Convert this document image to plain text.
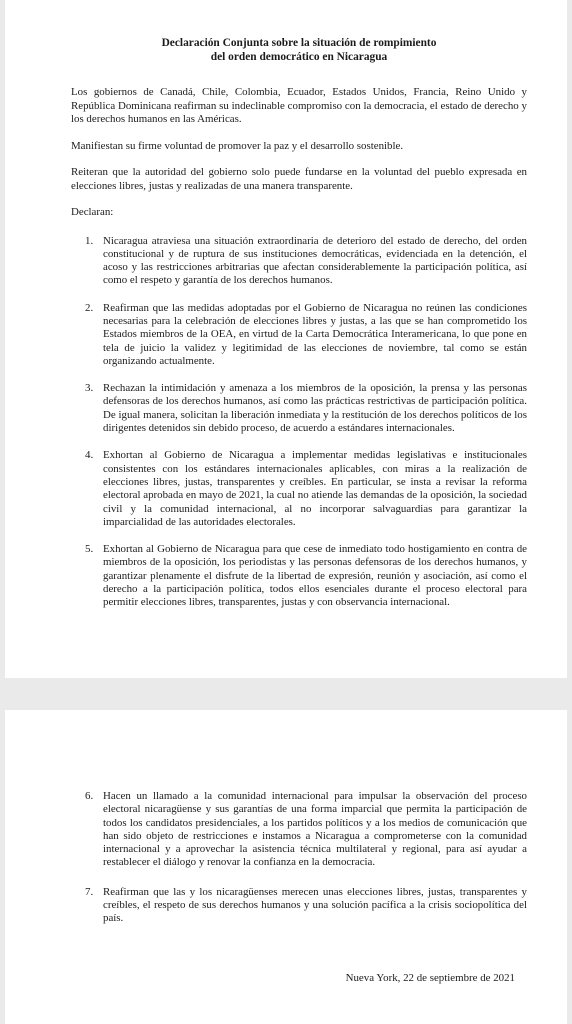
Declaración Conjunta sobre la situación de rompimiento
del orden democrático en Nicaragua

Los gobiernos de Canadá, Chile, Colombia, Ecuador, Estados Unidos, Francia, Reino Unido y República Dominicana reafirman su indeclinable compromiso con la democracia, el estado de derecho y los derechos humanos en las Américas.

Manifiestan su firme voluntad de promover la paz y el desarrollo sostenible.

Reiteran que la autoridad del gobierno solo puede fundarse en la voluntad del pueblo expresada en elecciones libres, justas y realizadas de una manera transparente.

Declaran:

1. Nicaragua atraviesa una situación extraordinaria de deterioro del estado de derecho, del orden constitucional y de ruptura de sus instituciones democráticas, evidenciada en la detención, el acoso y las restricciones arbitrarias que afectan considerablemente la participación política, así como el respeto y garantía de los derechos humanos.
2. Reafirman que las medidas adoptadas por el Gobierno de Nicaragua no reúnen las condiciones necesarias para la celebración de elecciones libres y justas, a las que se han comprometido los Estados miembros de la OEA, en virtud de la Carta Democrática Interamericana, lo que pone en tela de juicio la validez y legitimidad de las elecciones de noviembre, tal como se están organizando actualmente.
3. Rechazan la intimidación y amenaza a los miembros de la oposición, la prensa y las personas defensoras de los derechos humanos, así como las prácticas restrictivas de participación política. De igual manera, solicitan la liberación inmediata y la restitución de los derechos políticos de los dirigentes detenidos sin debido proceso, de acuerdo a estándares internacionales.
4. Exhortan al Gobierno de Nicaragua a implementar medidas legislativas e institucionales consistentes con los estándares internacionales aplicables, con miras a la realización de elecciones libres, justas, transparentes y creíbles. En particular, se insta a revisar la reforma electoral aprobada en mayo de 2021, la cual no atiende las demandas de la oposición, la sociedad civil y la comunidad internacional, al no incorporar salvaguardias para garantizar la imparcialidad de las autoridades electorales.
5. Exhortan al Gobierno de Nicaragua para que cese de inmediato todo hostigamiento en contra de miembros de la oposición, los periodistas y las personas defensoras de los derechos humanos, y garantizar plenamente el disfrute de la libertad de expresión, reunión y asociación, así como el derecho a la participación política, todos ellos esenciales durante el proceso electoral para permitir elecciones libres, transparentes, justas y con observancia internacional.
6. Hacen un llamado a la comunidad internacional para impulsar la observación del proceso electoral nicaragüense y sus garantías de una forma imparcial que permita la participación de todos los candidatos presidenciales, a los partidos políticos y a los medios de comunicación que han sido objeto de restricciones e instamos a Nicaragua a comprometerse con la comunidad internacional y a aprovechar la asistencia técnica multilateral y regional, para así ayudar a restablecer el diálogo y renovar la confianza en la democracia.
7. Reafirman que las y los nicaragüenses merecen unas elecciones libres, justas, transparentes y creíbles, el respeto de sus derechos humanos y una solución pacífica a la crisis sociopolítica del país.
Nueva York, 22 de septiembre de 2021
